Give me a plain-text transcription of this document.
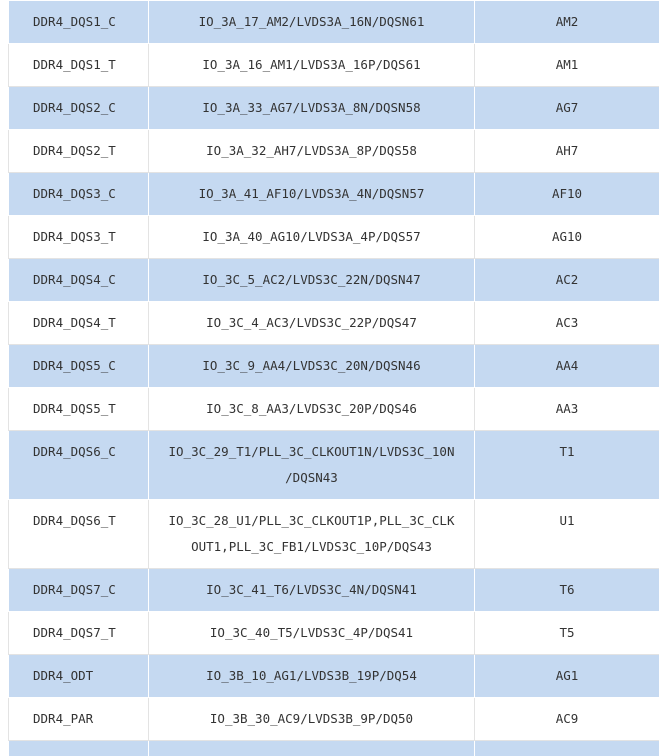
DDR4_DQS1_C	IO_3A_17_AM2/LVDS3A_16N/DQSN61	AM2
DDR4_DQS1_T	IO_3A_16_AM1/LVDS3A_16P/DQS61	AM1
DDR4_DQS2_C	IO_3A_33_AG7/LVDS3A_8N/DQSN58	AG7
DDR4_DQS2_T	IO_3A_32_AH7/LVDS3A_8P/DQS58	AH7
DDR4_DQS3_C	IO_3A_41_AF10/LVDS3A_4N/DQSN57	AF10
DDR4_DQS3_T	IO_3A_40_AG10/LVDS3A_4P/DQS57	AG10
DDR4_DQS4_C	IO_3C_5_AC2/LVDS3C_22N/DQSN47	AC2
DDR4_DQS4_T	IO_3C_4_AC3/LVDS3C_22P/DQS47	AC3
DDR4_DQS5_C	IO_3C_9_AA4/LVDS3C_20N/DQSN46	AA4
DDR4_DQS5_T	IO_3C_8_AA3/LVDS3C_20P/DQS46	AA3
DDR4_DQS6_C	IO_3C_29_T1/PLL_3C_CLKOUT1N/LVDS3C_10N
/DQSN43	T1
DDR4_DQS6_T	IO_3C_28_U1/PLL_3C_CLKOUT1P,PLL_3C_CLK
OUT1,PLL_3C_FB1/LVDS3C_10P/DQS43	U1
DDR4_DQS7_C	IO_3C_41_T6/LVDS3C_4N/DQSN41	T6
DDR4_DQS7_T	IO_3C_40_T5/LVDS3C_4P/DQS41	T5
DDR4_ODT	IO_3B_10_AG1/LVDS3B_19P/DQ54	AG1
DDR4_PAR	IO_3B_30_AC9/LVDS3B_9P/DQ50	AC9
